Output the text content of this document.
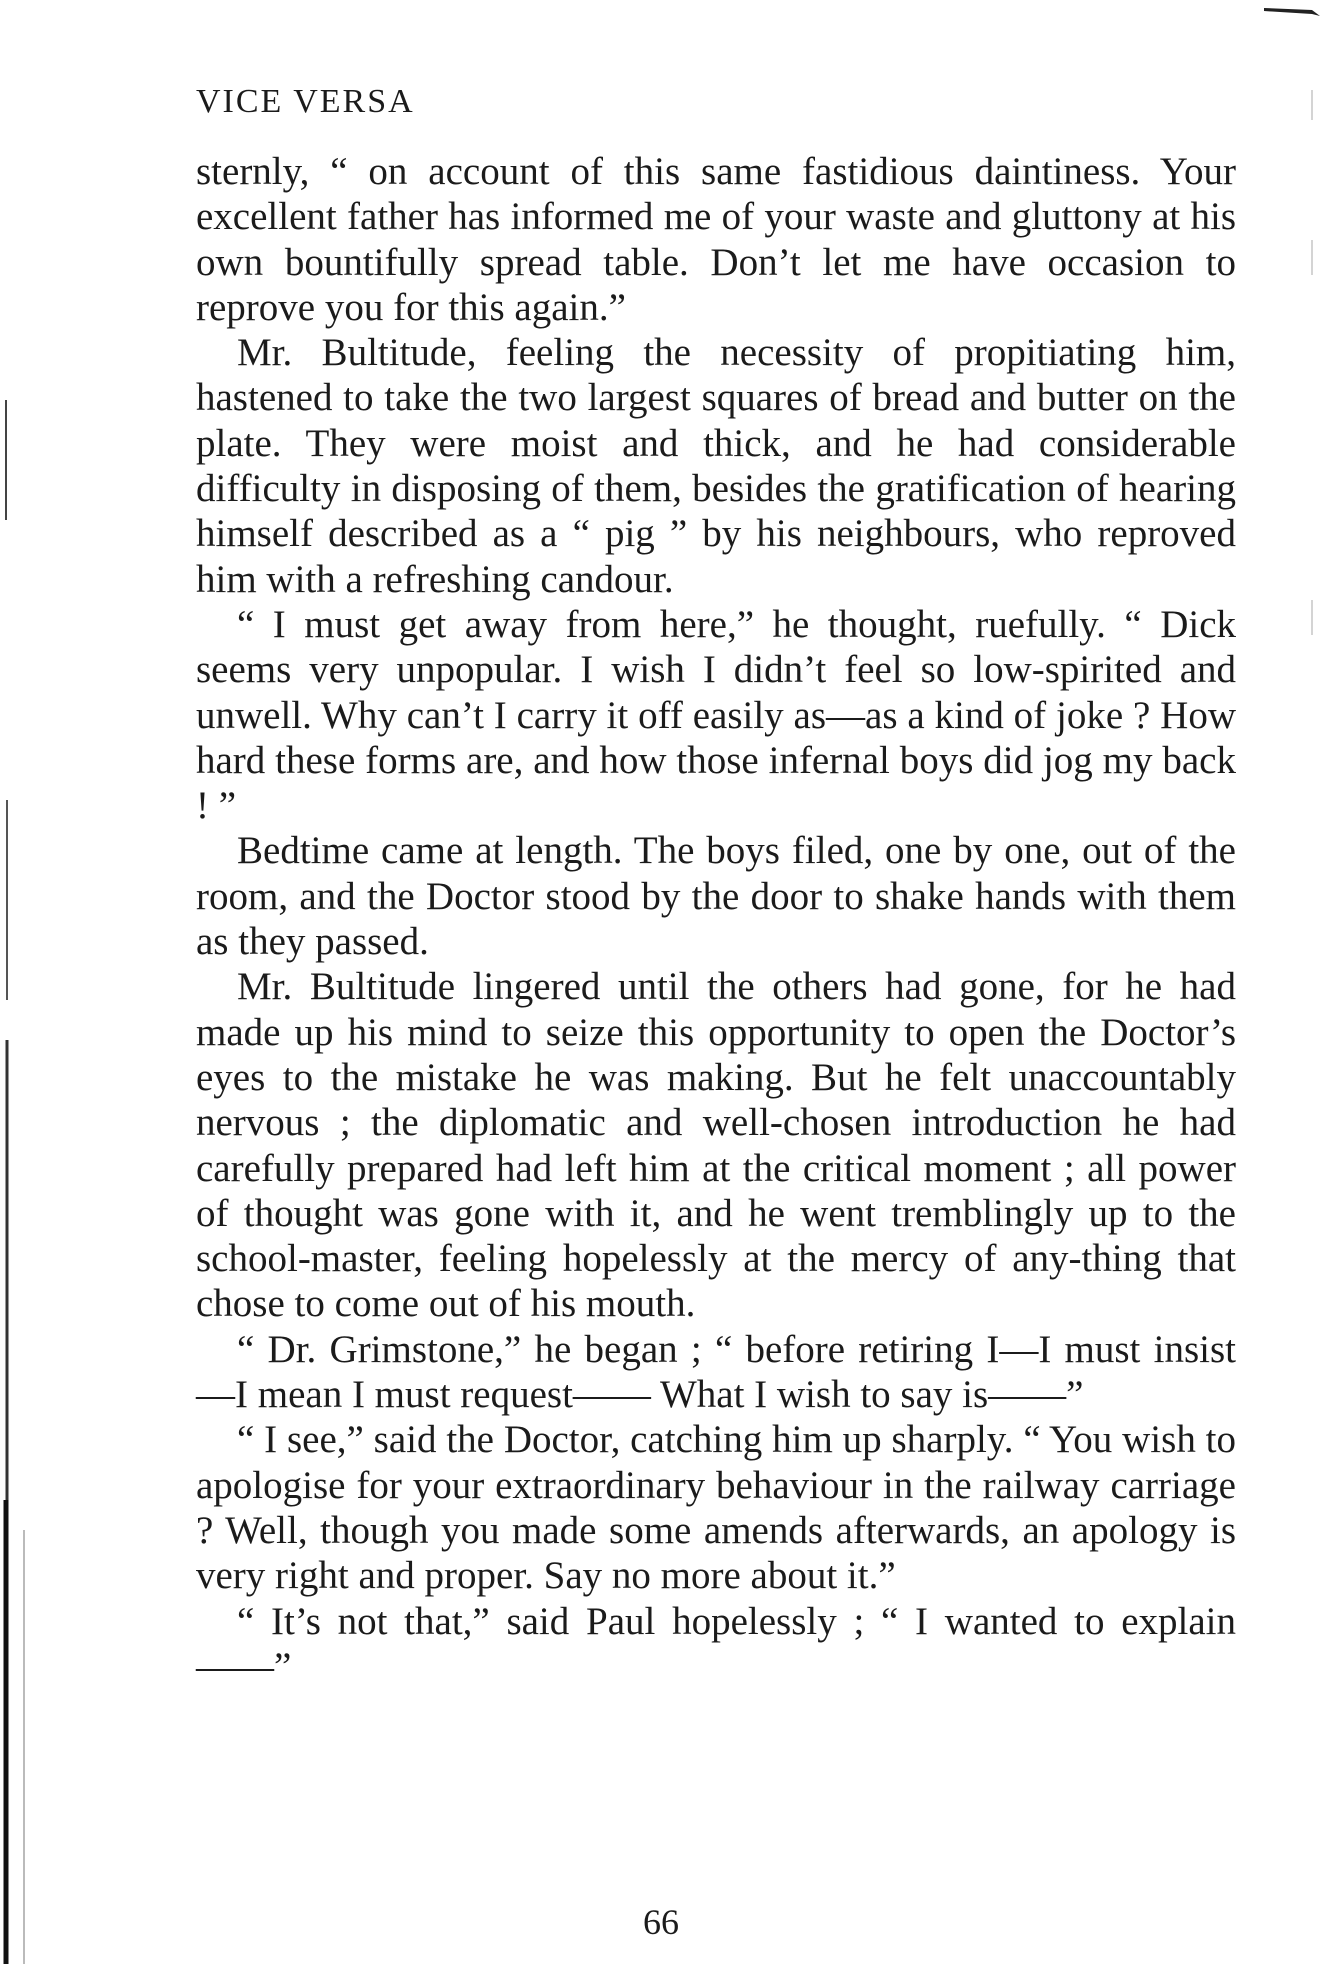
VICE VERSA

sternly, “ on account of this same fastidious daintiness. Your excellent father has informed me of your waste and gluttony at his own bountifully spread table. Don’t let me have occasion to reprove you for this again.”

Mr. Bultitude, feeling the necessity of propitiating him, hastened to take the two largest squares of bread and butter on the plate. They were moist and thick, and he had considerable difficulty in disposing of them, besides the gratification of hearing himself described as a “ pig ” by his neighbours, who reproved him with a refreshing candour.

“ I must get away from here,” he thought, ruefully. “ Dick seems very unpopular. I wish I didn’t feel so low-spirited and unwell. Why can’t I carry it off easily as—as a kind of joke ? How hard these forms are, and how those infernal boys did jog my back ! ”

Bedtime came at length. The boys filed, one by one, out of the room, and the Doctor stood by the door to shake hands with them as they passed.

Mr. Bultitude lingered until the others had gone, for he had made up his mind to seize this opportunity to open the Doctor’s eyes to the mistake he was making. But he felt unaccountably nervous ; the diplomatic and well-chosen introduction he had carefully prepared had left him at the critical moment ; all power of thought was gone with it, and he went tremblingly up to the school-master, feeling hopelessly at the mercy of any-thing that chose to come out of his mouth.

“ Dr. Grimstone,” he began ; “ before retiring I—I must insist—I mean I must request—— What I wish to say is——”

“ I see,” said the Doctor, catching him up sharply. “ You wish to apologise for your extraordinary behaviour in the railway carriage ? Well, though you made some amends afterwards, an apology is very right and proper. Say no more about it.”

“ It’s not that,” said Paul hopelessly ; “ I wanted to explain——”

66
